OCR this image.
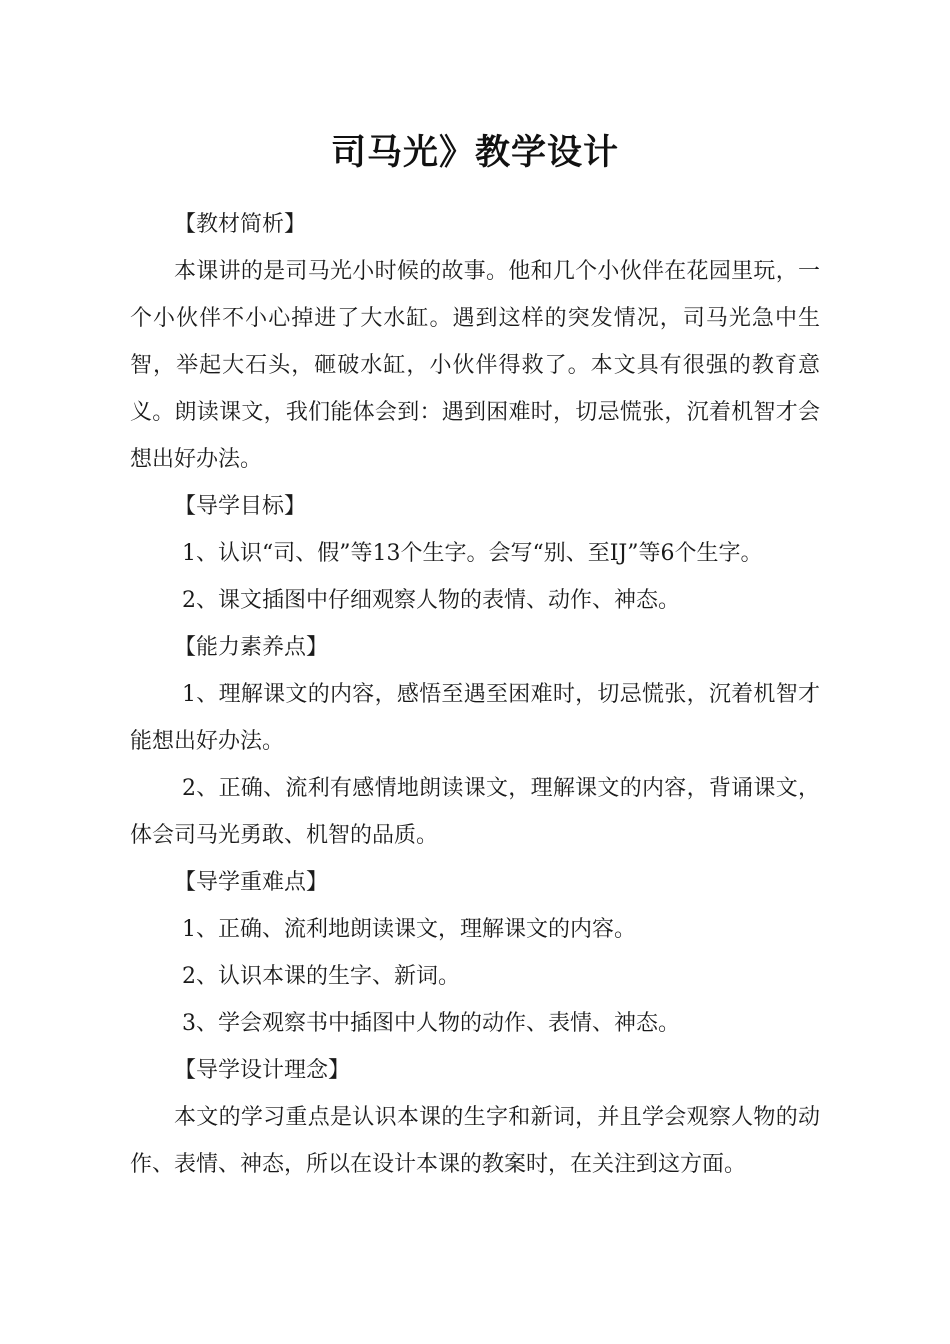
司马光》教学设计

【教材简析】

本课讲的是司马光小时候的故事。他和几个小伙伴在花园里玩，一个小伙伴不小心掉进了大水缸。遇到这样的突发情况，司马光急中生智，举起大石头，砸破水缸，小伙伴得救了。本文具有很强的教育意义。朗读课文，我们能体会到：遇到困难时，切忌慌张，沉着机智才会想出好办法。

【导学目标】

1、认识“司、假”等13个生字。会写“别、至IJ”等6个生字。

2、课文插图中仔细观察人物的表情、动作、神态。

【能力素养点】

1、理解课文的内容，感悟至遇至困难时，切忌慌张，沉着机智才能想出好办法。

2、正确、流利有感情地朗读课文，理解课文的内容，背诵课文，体会司马光勇敢、机智的品质。

【导学重难点】

1、正确、流利地朗读课文，理解课文的内容。

2、认识本课的生字、新词。

3、学会观察书中插图中人物的动作、表情、神态。

【导学设计理念】

本文的学习重点是认识本课的生字和新词，并且学会观察人物的动作、表情、神态，所以在设计本课的教案时，在关注到这方面。
